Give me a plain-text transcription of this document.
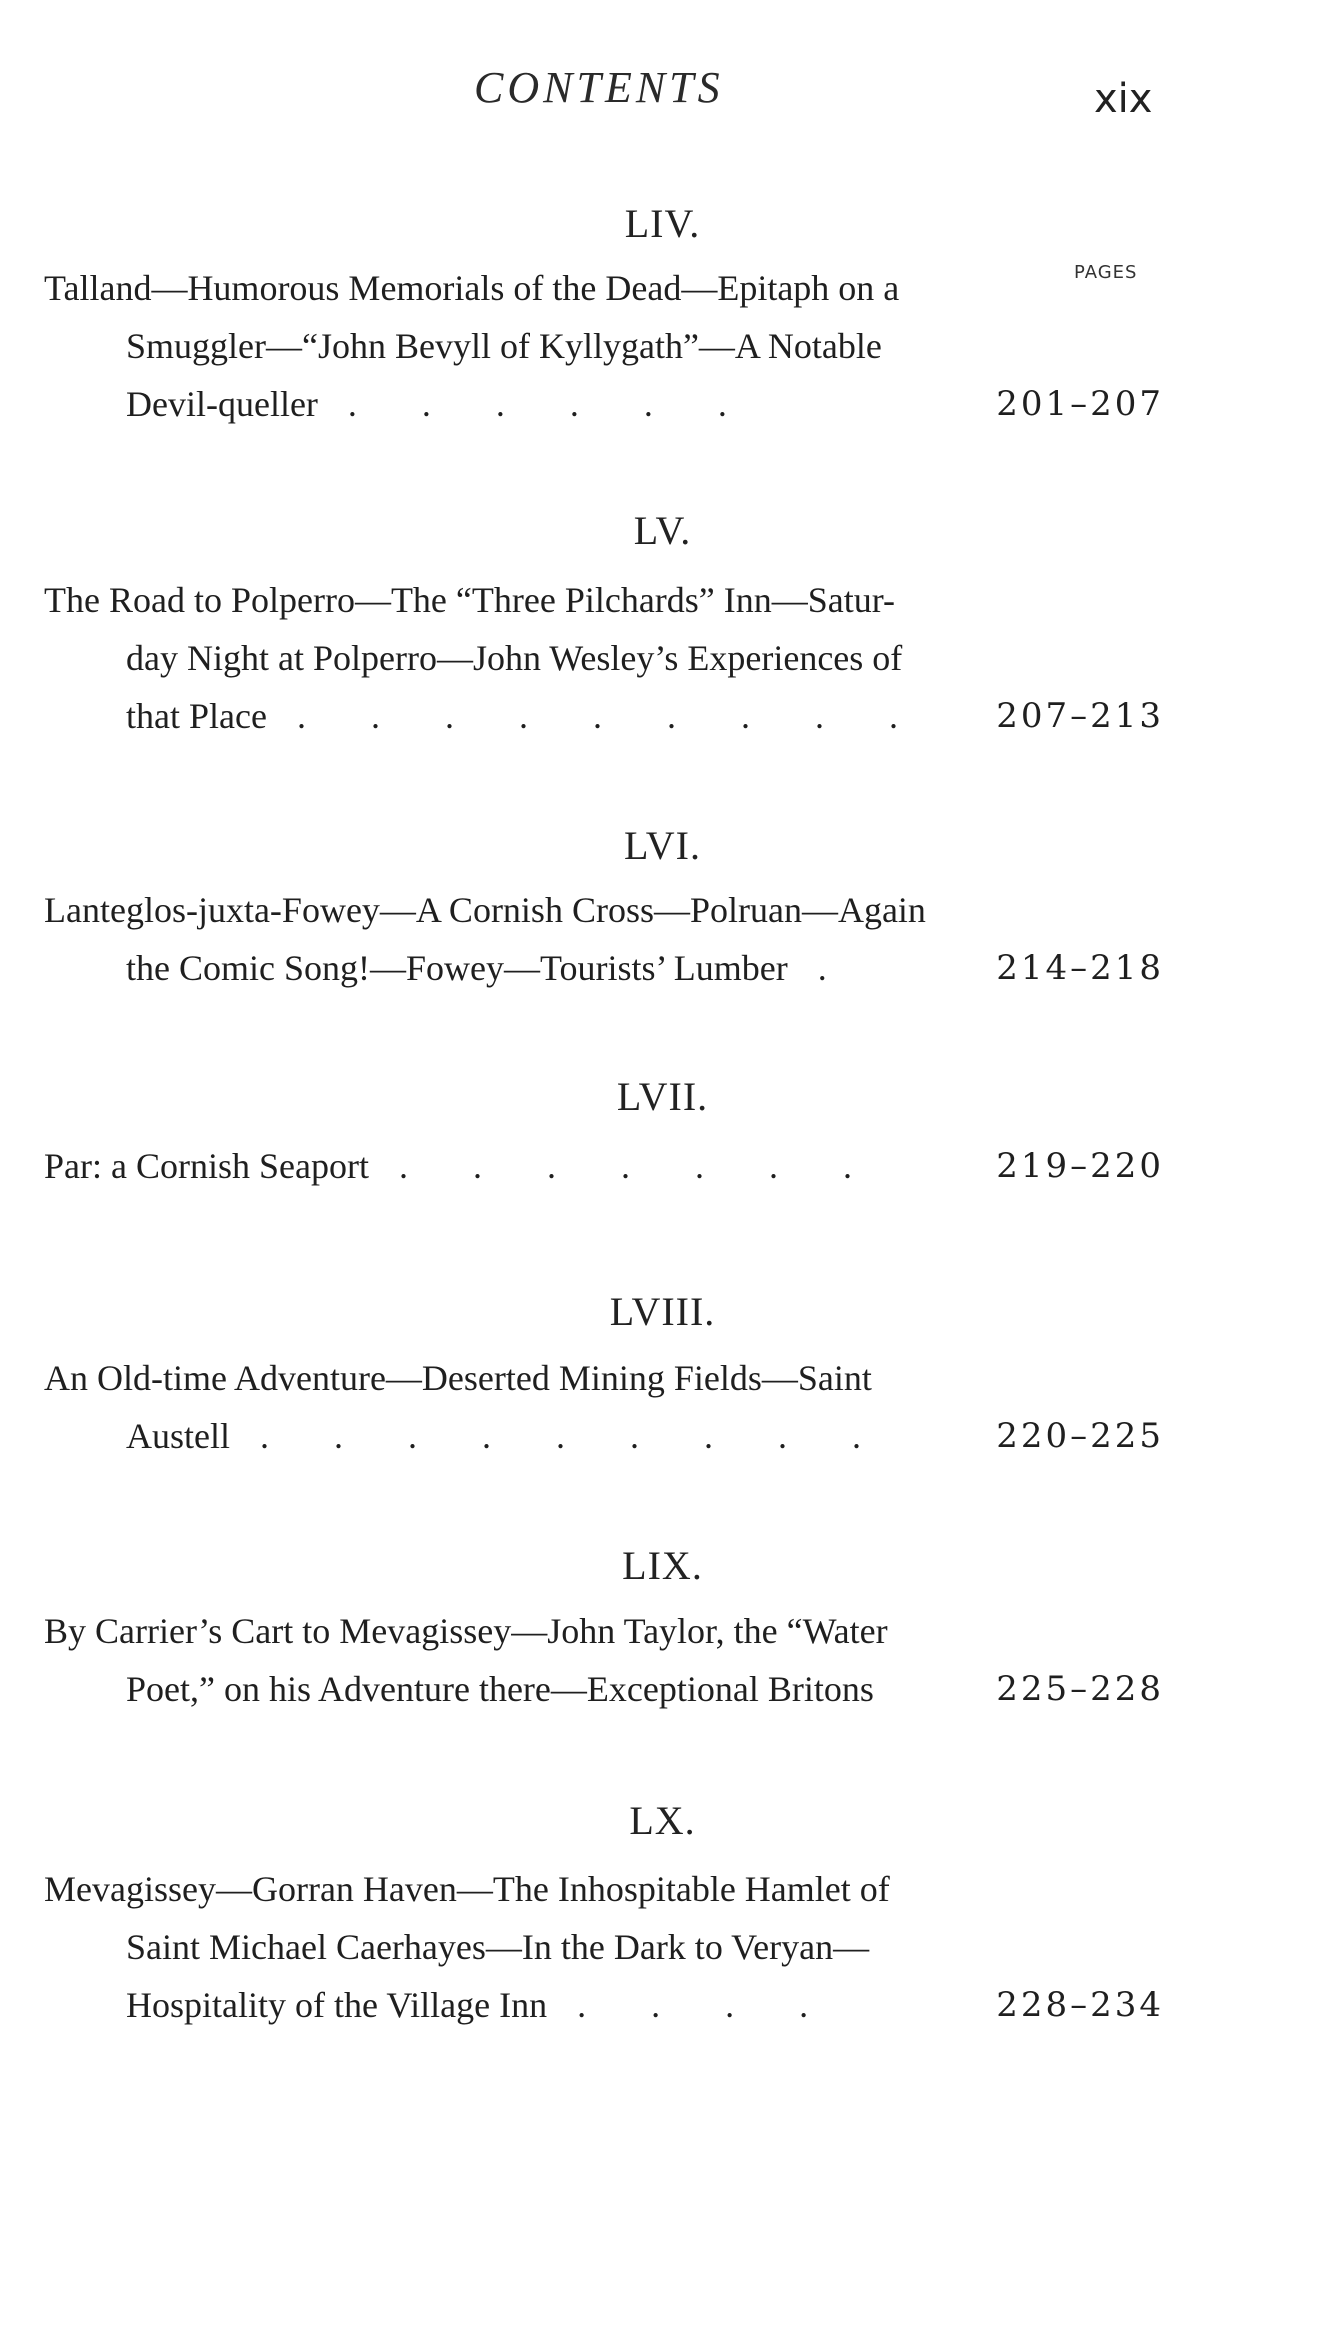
CONTENTS	xix
PAGES
LIV.
Talland—Humorous Memorials of the Dead—Epitaph on a
Smuggler—“John Bevyll of Kyllygath”—A Notable
Devil-queller . . . . . .	201–207
LV.
The Road to Polperro—The “Three Pilchards” Inn—Satur-
day Night at Polperro—John Wesley’s Experiences of
that Place . . . . . . . . . 207–213
LVI.
Lanteglos-juxta-Fowey—A Cornish Cross—Polruan—Again
the Comic Song!—Fowey—Tourists’ Lumber .	214–218
LVII.
Par: a Cornish Seaport . . . . . . .	219–220
LVIII.
An Old-time Adventure—Deserted Mining Fields—Saint
Austell . . . . . . . . .	220–225
LIX.
By Carrier’s Cart to Mevagissey—John Taylor, the “Water
Poet,” on his Adventure there—Exceptional Britons	225–228
LX.
Mevagissey—Gorran Haven—The Inhospitable Hamlet of
Saint Michael Caerhayes—In the Dark to Veryan—
Hospitality of the Village Inn . . . .	228–234
